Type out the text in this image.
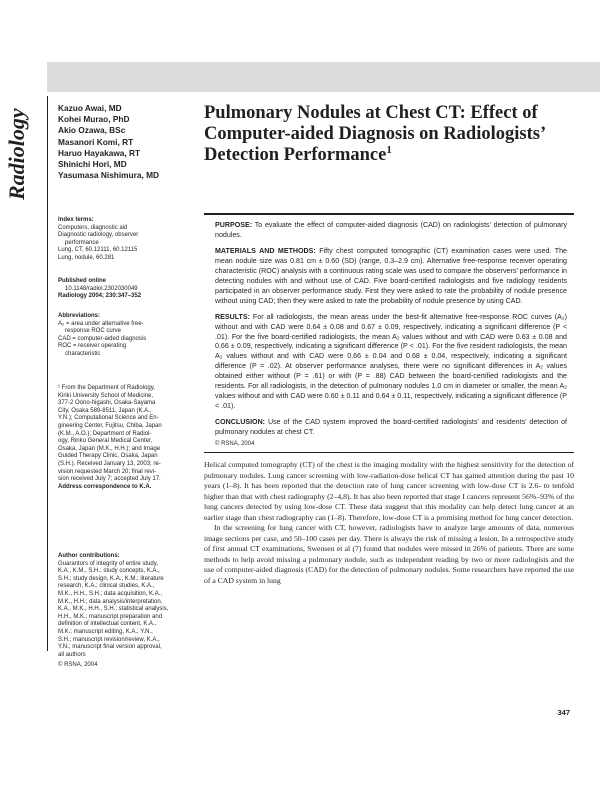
Radiology	Kazuo Awai, MD
Kohei Murao, PhD
Akio Ozawa, BSc
Masanori Komi, RT
Haruo Hayakawa, RT
Shinichi Hori, MD
Yasumasa Nishimura, MD
Index terms:
Computers, diagnostic aid
Diagnostic radiology, observer
performance
Lung, CT, 60.12111, 60.12115
Lung, nodule, 60.281
Published online
10.1148/radiol.2302030049
Radiology 2004; 230:347–352
Abbreviations:
A₂ = area under alternative free-
response ROC curve
CAD = computer-aided diagnosis
ROC = receiver operating
characteristic
¹ From the Department of Radiology,
Kiriki University School of Medicine,
377-2 Oono-higashi, Osaka-Sayama
City, Osaka 589-8511, Japan (K.A.,
Y.N.); Computational Science and En-
gineering Center, Fujitsu, Chiba, Japan
(K.M., A.O.); Department of Radiol-
ogy, Rinku General Medical Center,
Osaka, Japan (M.K., H.H.); and Image
Guided Therapy Clinic, Osaka, Japan
(S.H.). Received January 13, 2003; re-
vision requested March 20; final revi-
sion received July 7; accepted July 17.
Address correspondence to K.A.
Author contributions:
Guarantors of integrity of entire study,
K.A., K.M., S.H.; study concepts, K.A.,
S.H.; study design, K.A., K.M.; literature
research, K.A.; clinical studies, K.A.,
M.K., H.H., S.H.; data acquisition, K.A.,
M.K., H.H.; data analysis/interpretation,
K.A., M.K., H.H., S.H.; statistical analysis,
H.H., M.K.; manuscript preparation and
definition of intellectual content, K.A.,
M.K.; manuscript editing, K.A., Y.N.,
S.H.; manuscript revision/review, K.A.,
Y.N.; manuscript final version approval,
all authors
© RSNA, 2004
Pulmonary Nodules at Chest CT: Effect of Computer-aided Diagnosis on Radiologists’ Detection Performance$^1$

PURPOSE: To evaluate the effect of computer-aided diagnosis (CAD) on radiologists’ detection of pulmonary nodules.

MATERIALS AND METHODS: Fifty chest computed tomographic (CT) examination cases were used. The mean nodule size was 0.81 cm ± 0.60 (SD) (range, 0.3–2.9 cm). Alternative free-response receiver operating characteristic (ROC) analysis with a continuous rating scale was used to compare the observers’ performance in detecting nodules with and without use of CAD. Five board-certified radiologists and five radiology residents participated in an observer performance study. First they were asked to rate the probability of nodule presence without using CAD; then they were asked to rate the probability of nodule presence by using CAD.

RESULTS: For all radiologists, the mean areas under the best-fit alternative free-response ROC curves (A₂) without and with CAD were 0.64 ± 0.08 and 0.67 ± 0.09, respectively, indicating a significant difference (P < .01). For the five board-certified radiologists, the mean A₂ values without and with CAD were 0.63 ± 0.08 and 0.66 ± 0.09, respectively, indicating a significant difference (P < .01). For the five resident radiologists, the mean A₂ values without and with CAD were 0.66 ± 0.04 and 0.68 ± 0.04, respectively, indicating a significant difference (P = .02). At observer performance analyses, there were no significant differences in A₂ values obtained either without (P = .61) or with (P = .88) CAD between the board-certified radiologists and the residents. For all radiologists, in the detection of pulmonary nodules 1.0 cm in diameter or smaller, the mean A₂ values without and with CAD were 0.60 ± 0.11 and 0.64 ± 0.11, respectively, indicating a significant difference (P < .01).

CONCLUSION: Use of the CAD system improved the board-certified radiologists’ and residents’ detection of pulmonary nodules at chest CT.

© RSNA, 2004

Helical computed tomography (CT) of the chest is the imaging modality with the highest sensitivity for the detection of pulmonary nodules. Lung cancer screening with low-radiation-dose helical CT has gained attention during the past 10 years (1–8). It has been reported that the detection rate of lung cancer screening with low-dose CT is 2.6- to tenfold higher than that with chest radiography (2–4,8). It has also been reported that stage I cancers represent 56%–93% of the lung cancers detected by using low-dose CT. These data suggest that this modality can help detect lung cancer at an earlier stage than chest radiography can (1–8). Therefore, low-dose CT is a promising method for lung cancer detection.

In the screening for lung cancer with CT, however, radiologists have to analyze large amounts of data, numerous image sections per case, and 50–100 cases per day. There is always the risk of missing a lesion. In a retrospective study of first annual CT examinations, Swensen et al (7) found that nodules were missed in 26% of patients. There are some methods to help avoid missing a pulmonary nodule, such as independent reading by two or more radiologists and the use of computer-aided diagnosis (CAD) for the detection of pulmonary nodules. Some researchers have reported the use of a CAD system in lung

347
